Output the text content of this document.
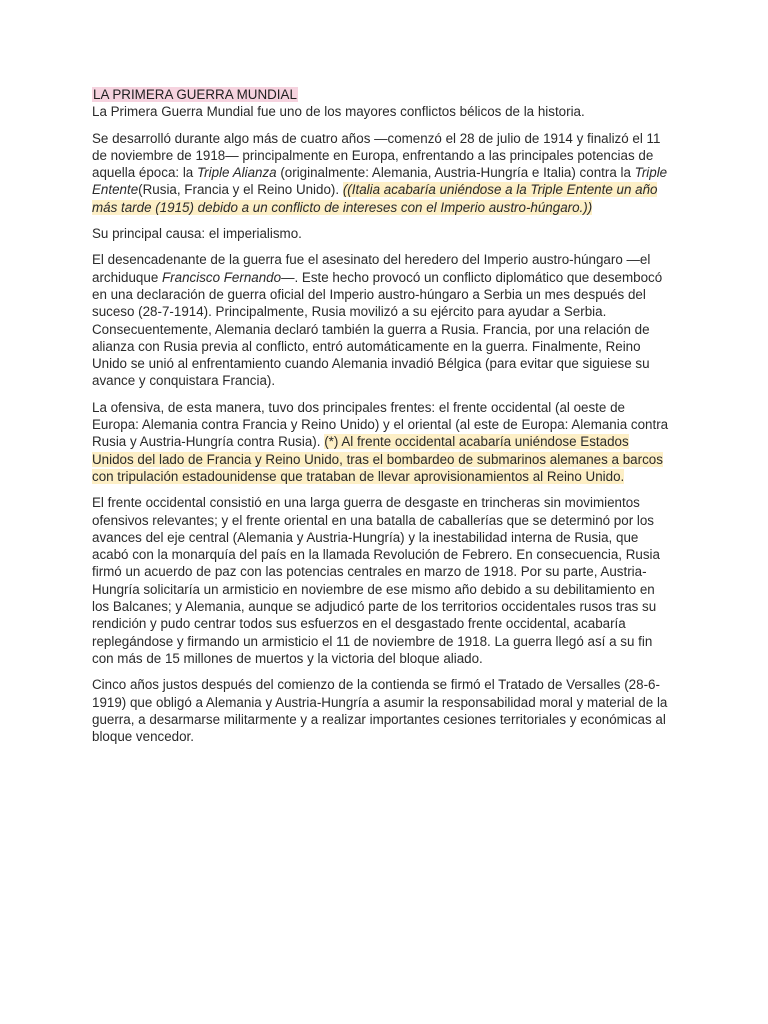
LA PRIMERA GUERRA MUNDIAL

La Primera Guerra Mundial fue uno de los mayores conflictos bélicos de la historia.

Se desarrolló durante algo más de cuatro años —comenzó el 28 de julio de 1914 y finalizó el 11 de noviembre de 1918— principalmente en Europa, enfrentando a las principales potencias de aquella época: la Triple Alianza (originalmente: Alemania, Austria-Hungría e Italia) contra la Triple Entente(Rusia, Francia y el Reino Unido). ((Italia acabaría uniéndose a la Triple Entente un año más tarde (1915) debido a un conflicto de intereses con el Imperio austro-húngaro.))

Su principal causa: el imperialismo.

El desencadenante de la guerra fue el asesinato del heredero del Imperio austro-húngaro —el archiduque Francisco Fernando—. Este hecho provocó un conflicto diplomático que desembocó en una declaración de guerra oficial del Imperio austro-húngaro a Serbia un mes después del suceso (28-7-1914). Principalmente, Rusia movilizó a su ejército para ayudar a Serbia. Consecuentemente, Alemania declaró también la guerra a Rusia. Francia, por una relación de alianza con Rusia previa al conflicto, entró automáticamente en la guerra. Finalmente, Reino Unido se unió al enfrentamiento cuando Alemania invadió Bélgica (para evitar que siguiese su avance y conquistara Francia).

La ofensiva, de esta manera, tuvo dos principales frentes: el frente occidental (al oeste de Europa: Alemania contra Francia y Reino Unido) y el oriental (al este de Europa: Alemania contra Rusia y Austria-Hungría contra Rusia). (*) Al frente occidental acabaría uniéndose Estados Unidos del lado de Francia y Reino Unido, tras el bombardeo de submarinos alemanes a barcos con tripulación estadounidense que trataban de llevar aprovisionamientos al Reino Unido.

El frente occidental consistió en una larga guerra de desgaste en trincheras sin movimientos ofensivos relevantes; y el frente oriental en una batalla de caballerías que se determinó por los avances del eje central (Alemania y Austria-Hungría) y la inestabilidad interna de Rusia, que acabó con la monarquía del país en la llamada Revolución de Febrero. En consecuencia, Rusia firmó un acuerdo de paz con las potencias centrales en marzo de 1918. Por su parte, Austria-Hungría solicitaría un armisticio en noviembre de ese mismo año debido a su debilitamiento en los Balcanes; y Alemania, aunque se adjudicó parte de los territorios occidentales rusos tras su rendición y pudo centrar todos sus esfuerzos en el desgastado frente occidental, acabaría replegándose y firmando un armisticio el 11 de noviembre de 1918. La guerra llegó así a su fin con más de 15 millones de muertos y la victoria del bloque aliado.

Cinco años justos después del comienzo de la contienda se firmó el Tratado de Versalles (28-6-1919) que obligó a Alemania y Austria-Hungría a asumir la responsabilidad moral y material de la guerra, a desarmarse militarmente y a realizar importantes cesiones territoriales y económicas al bloque vencedor.
